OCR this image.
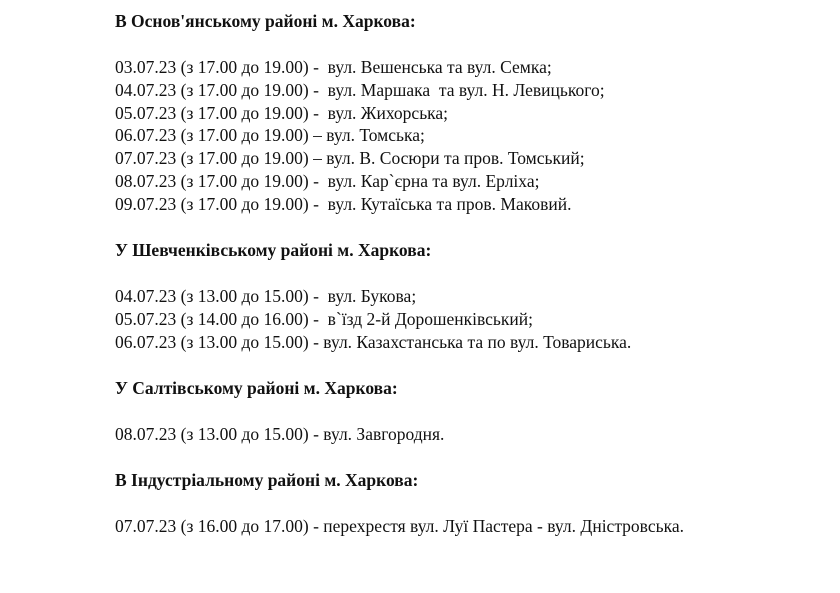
В Основ'янському районі м. Харкова:

03.07.23 (з 17.00 до 19.00) -  вул. Вешенська та вул. Семка;

04.07.23 (з 17.00 до 19.00) -  вул. Маршака  та вул. Н. Левицького;

05.07.23 (з 17.00 до 19.00) -  вул. Жихорська;

06.07.23 (з 17.00 до 19.00) – вул. Томська;

07.07.23 (з 17.00 до 19.00) – вул. В. Сосюри та пров. Томський;

08.07.23 (з 17.00 до 19.00) -  вул. Кар`єрна та вул. Ерліха;

09.07.23 (з 17.00 до 19.00) -  вул. Кутаїська та пров. Маковий.

У Шевченківському районі м. Харкова:

04.07.23 (з 13.00 до 15.00) -  вул. Букова;

05.07.23 (з 14.00 до 16.00) -  в`їзд 2-й Дорошенківський;

06.07.23 (з 13.00 до 15.00) - вул. Казахстанська та по вул. Товариська.

У Салтівському районі м. Харкова:

08.07.23 (з 13.00 до 15.00) - вул. Завгородня.

В Індустріальному районі м. Харкова:

07.07.23 (з 16.00 до 17.00) - перехрестя вул. Луї Пастера - вул. Дністровська.
